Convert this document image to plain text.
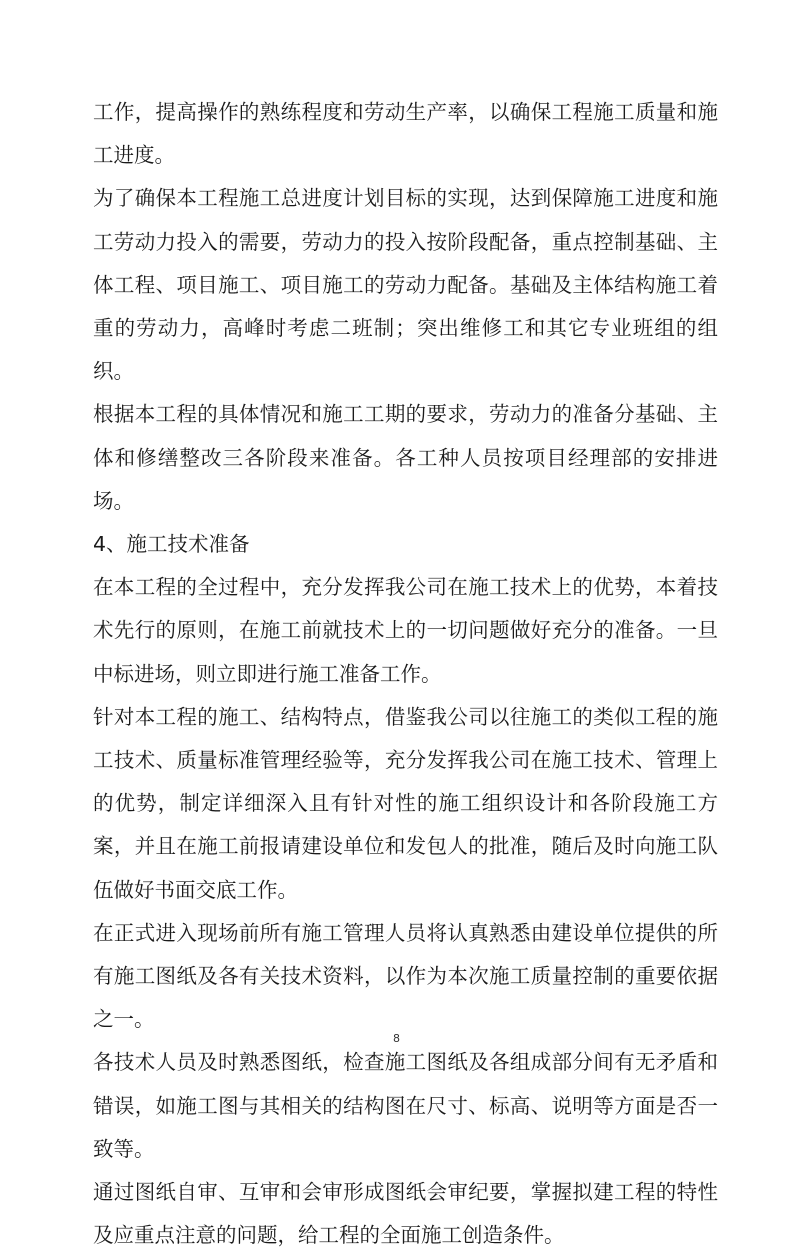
工作，提高操作的熟练程度和劳动生产率，以确保工程施工质量和施工进度。

为了确保本工程施工总进度计划目标的实现，达到保障施工进度和施工劳动力投入的需要，劳动力的投入按阶段配备，重点控制基础、主体工程、项目施工、项目施工的劳动力配备。基础及主体结构施工着重的劳动力，高峰时考虑二班制；突出维修工和其它专业班组的组织。

根据本工程的具体情况和施工工期的要求，劳动力的准备分基础、主体和修缮整改三各阶段来准备。各工种人员按项目经理部的安排进场。

4、施工技术准备

在本工程的全过程中，充分发挥我公司在施工技术上的优势，本着技术先行的原则，在施工前就技术上的一切问题做好充分的准备。一旦中标进场，则立即进行施工准备工作。

针对本工程的施工、结构特点，借鉴我公司以往施工的类似工程的施工技术、质量标准管理经验等，充分发挥我公司在施工技术、管理上的优势，制定详细深入且有针对性的施工组织设计和各阶段施工方案，并且在施工前报请建设单位和发包人的批准，随后及时向施工队伍做好书面交底工作。

在正式进入现场前所有施工管理人员将认真熟悉由建设单位提供的所有施工图纸及各有关技术资料，以作为本次施工质量控制的重要依据之一。

各技术人员及时熟悉图纸，检查施工图纸及各组成部分间有无矛盾和错误，如施工图与其相关的结构图在尺寸、标高、说明等方面是否一致等。

通过图纸自审、互审和会审形成图纸会审纪要，掌握拟建工程的特性及应重点注意的问题，给工程的全面施工创造条件。

8
